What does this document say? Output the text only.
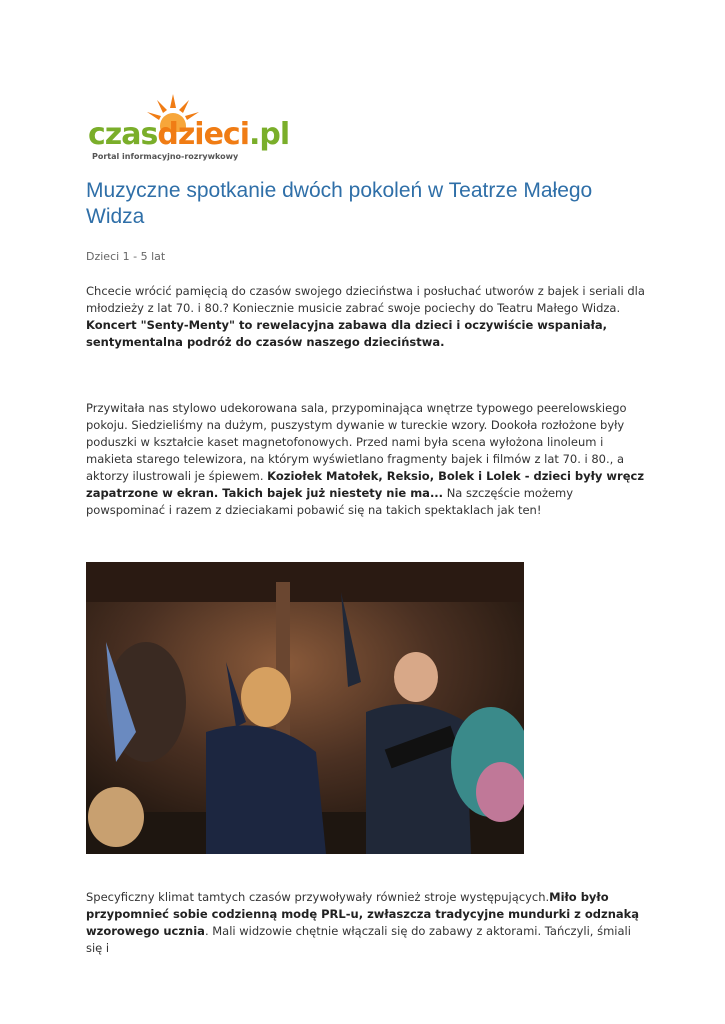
czasdzieci.pl
Portal informacyjno-rozrywkowy
Muzyczne spotkanie dwóch pokoleń w Teatrze Małego Widza
Dzieci 1 - 5 lat

Chcecie wrócić pamięcią do czasów swojego dzieciństwa i posłuchać utworów z bajek i seriali dla młodzieży z lat 70. i 80.? Koniecznie musicie zabrać swoje pociechy do Teatru Małego Widza. Koncert "Senty-Menty" to rewelacyjna zabawa dla dzieci i oczywiście wspaniała, sentymentalna podróż do czasów naszego dzieciństwa.

Przywitała nas stylowo udekorowana sala, przypominająca wnętrze typowego peerelowskiego pokoju. Siedzieliśmy na dużym, puszystym dywanie w tureckie wzory. Dookoła rozłożone były poduszki w kształcie kaset magnetofonowych. Przed nami była scena wyłożona linoleum i makieta starego telewizora, na którym wyświetlano fragmenty bajek i filmów z lat 70. i 80., a aktorzy ilustrowali je śpiewem. Koziołek Matołek, Reksio, Bolek i Lolek - dzieci były wręcz zapatrzone w ekran. Takich bajek już niestety nie ma... Na szczęście możemy powspominać i razem z dzieciakami pobawić się na takich spektaklach jak ten!

Specyficzny klimat tamtych czasów przywoływały również stroje występujących.Miło było przypomnieć sobie codzienną modę PRL-u, zwłaszcza tradycyjne mundurki z odznaką wzorowego ucznia. Mali widzowie chętnie włączali się do zabawy z aktorami. Tańczyli, śmiali się i
